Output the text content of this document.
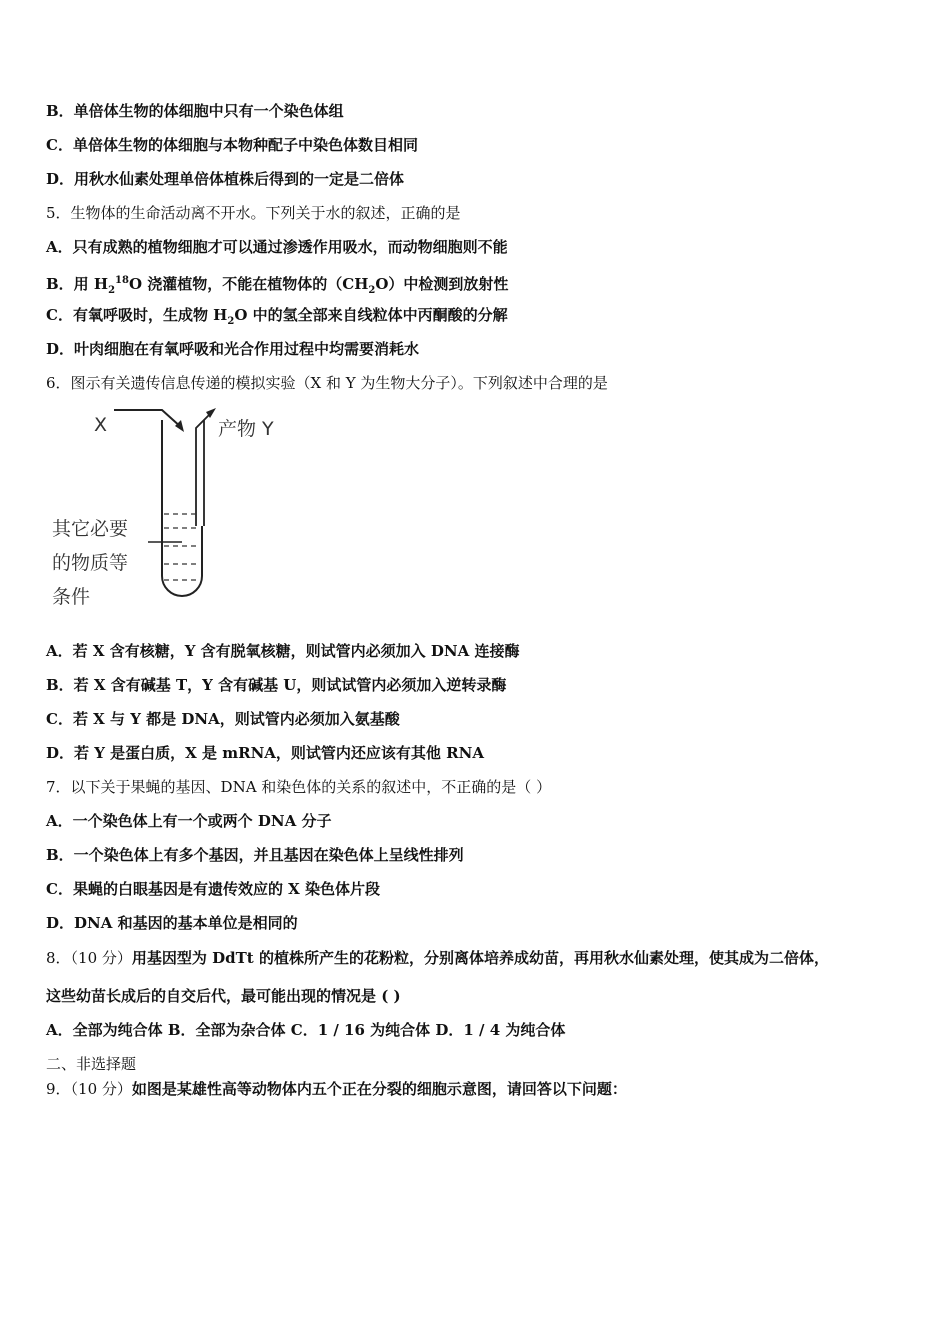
B．单倍体生物的体细胞中只有一个染色体组
C．单倍体生物的体细胞与本物种配子中染色体数目相同
D．用秋水仙素处理单倍体植株后得到的一定是二倍体
5．生物体的生命活动离不开水。下列关于水的叙述，正确的是
A．只有成熟的植物细胞才可以通过渗透作用吸水，而动物细胞则不能
B．用 $H_2^{18}O$ 浇灌植物，不能在植物体的$(CH_2O)$中检测到放射性
C．有氧呼吸时，生成物 $H_2O$ 中的氢全部来自线粒体中丙酮酸的分解
D．叶肉细胞在有氧呼吸和光合作用过程中均需要消耗水
6．图示有关遗传信息传递的模拟实验（X 和 Y 为生物大分子）。下列叙述中合理的是
X	产物 Y
其它必要
的物质等
条件
A．若 X 含有核糖，Y 含有脱氧核糖，则试管内必须加入 DNA 连接酶
B．若 X 含有碱基 T，Y 含有碱基 U，则试试管内必须加入逆转录酶
C．若 X 与 Y 都是 DNA，则试管内必须加入氨基酸
D．若 Y 是蛋白质，X 是 mRNA，则试管内还应该有其他 RNA
7．以下关于果蝇的基因、DNA 和染色体的关系的叙述中，不正确的是（ ）
A．一个染色体上有一个或两个 DNA 分子
B．一个染色体上有多个基因，并且基因在染色体上呈线性排列
C．果蝇的白眼基因是有遗传效应的 X 染色体片段
D．DNA 和基因的基本单位是相同的
8．（10 分）用基因型为 DdTt 的植株所产生的花粉粒，分别离体培养成幼苗，再用秋水仙素处理，使其成为二倍体，
这些幼苗长成后的自交后代，最可能出现的情况是 ( )
A．全部为纯合体 B．全部为杂合体 C．1 / 16 为纯合体 D．1 / 4 为纯合体
二、非选择题
9．（10 分）如图是某雄性高等动物体内五个正在分裂的细胞示意图，请回答以下问题：
